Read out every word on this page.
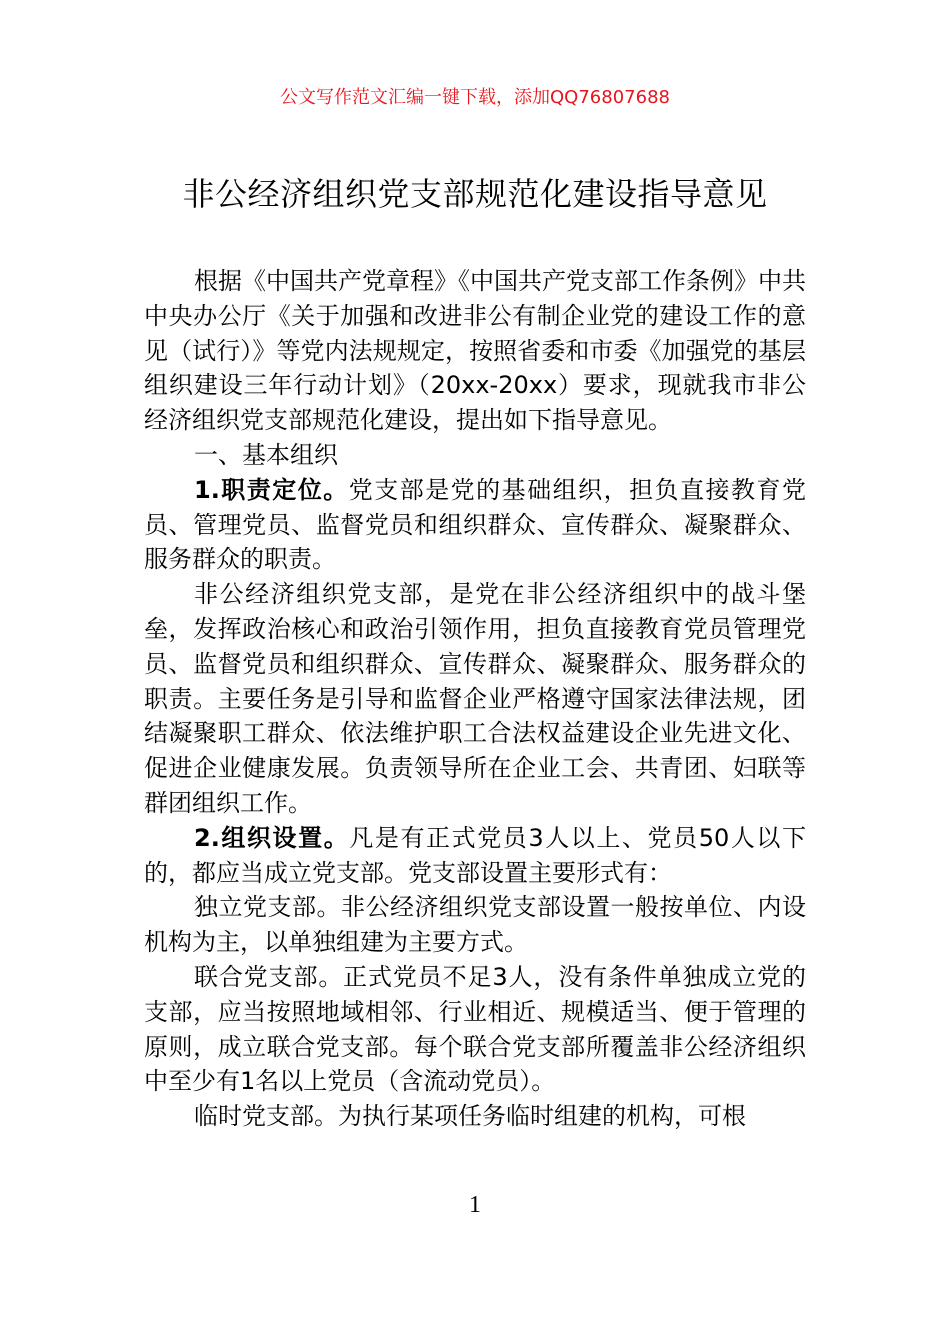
公文写作范文汇编一键下载，添加QQ76807688
非公经济组织党支部规范化建设指导意见

根据《中国共产党章程》《中国共产党支部工作条例》中共中央办公厅《关于加强和改进非公有制企业党的建设工作的意见（试行）》等党内法规规定，按照省委和市委《加强党的基层组织建设三年行动计划》（20xx-20xx）要求，现就我市非公经济组织党支部规范化建设，提出如下指导意见。

一、基本组织

1.职责定位。党支部是党的基础组织，担负直接教育党员、管理党员、监督党员和组织群众、宣传群众、凝聚群众、服务群众的职责。

非公经济组织党支部，是党在非公经济组织中的战斗堡垒，发挥政治核心和政治引领作用，担负直接教育党员管理党员、监督党员和组织群众、宣传群众、凝聚群众、服务群众的职责。主要任务是引导和监督企业严格遵守国家法律法规，团结凝聚职工群众、依法维护职工合法权益建设企业先进文化、促进企业健康发展。负责领导所在企业工会、共青团、妇联等群团组织工作。

2.组织设置。凡是有正式党员3人以上、党员50人以下的，都应当成立党支部。党支部设置主要形式有：

独立党支部。非公经济组织党支部设置一般按单位、内设机构为主，以单独组建为主要方式。

联合党支部。正式党员不足3人，没有条件单独成立党的支部，应当按照地域相邻、行业相近、规模适当、便于管理的原则，成立联合党支部。每个联合党支部所覆盖非公经济组织中至少有1名以上党员（含流动党员）。

临时党支部。为执行某项任务临时组建的机构，可根

1
